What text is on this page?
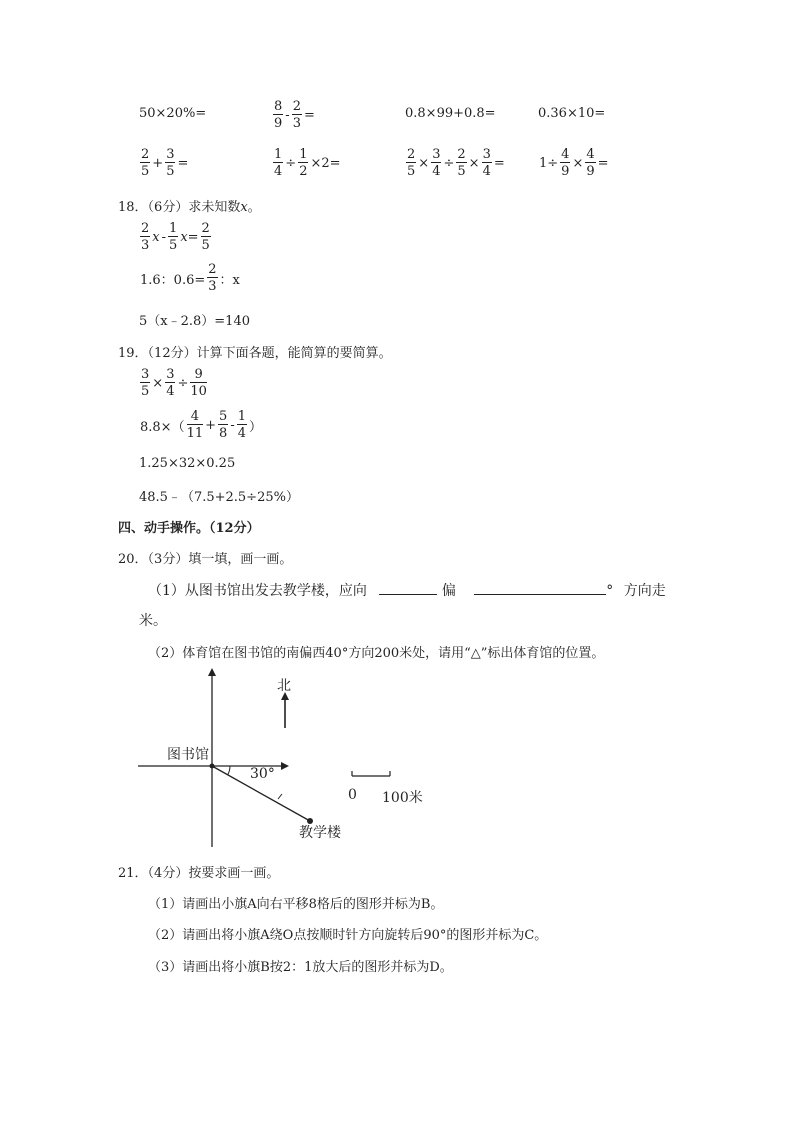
50×20%=	$\frac{8}{9} - \frac{2}{3}$ =	0.8×99+0.8=	0.36×10=
$\frac{2}{5} + \frac{3}{5}$ =	$\frac{1}{4} \div \frac{1}{2} \times 2=$	$\frac{2}{5} \times \frac{3}{4} \div \frac{2}{5} \times \frac{3}{4}$ =	$1\div \frac{4}{9} \times \frac{4}{9}$ =
18．（6分）求未知数x。
$\frac{2}{3}$ $x - \frac{1}{5} x= \frac{2}{5}$
1.6：$0.6= \frac{2}{3}$ ：x
5（x﹣2.8）=140
19．（12分）计算下面各题，能简算的要简算。
$\frac{3}{5} \times \frac{3}{4} \div \frac{9}{10}$
$8.8\times( \frac{4}{11} + \frac{5}{8} - \frac{1}{4}$ ）
1.25×32×0.25
48.5﹣（7.5+2.5÷25%）
四、动手操作。（12分）
20．（3分）填一填，画一画。
（1）从图书馆出发去教学楼，应向	偏	° 方向走
米。
（2）体育馆在图书馆的南偏西40°方向200米处，请用“△”标出体育馆的位置。
北
图书馆
30°
教学楼
0 100米
21．（4分）按要求画一画。
（1）请画出小旗A向右平移8格后的图形并标为B。
（2）请画出将小旗A绕O点按顺时针方向旋转后90°的图形并标为C。
（3）请画出将小旗B按2：1放大后的图形并标为D。
